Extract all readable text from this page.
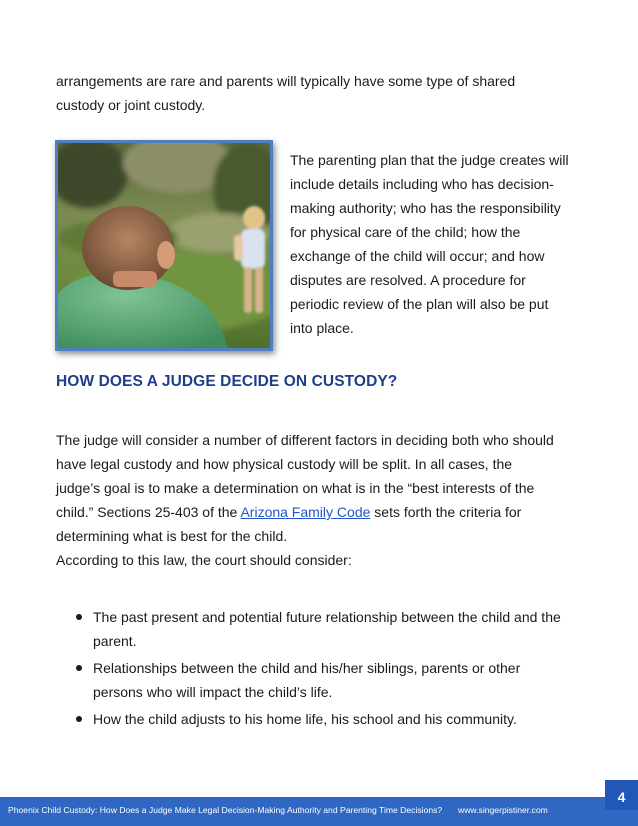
arrangements are rare and parents will typically have some type of shared
custody or joint custody.

The parenting plan that the judge creates will
include details including who has decision-
making authority; who has the responsibility
for physical care of the child; how the
exchange of the child will occur; and how
disputes are resolved. A procedure for
periodic review of the plan will also be put
into place.

HOW DOES A JUDGE DECIDE ON CUSTODY?

The judge will consider a number of different factors in deciding both who should
have legal custody and how physical custody will be split. In all cases, the
judge’s goal is to make a determination on what is in the “best interests of the
child.” Sections 25-403 of the Arizona Family Code sets forth the criteria for
determining what is best for the child.
According to this law, the court should consider:

The past present and potential future relationship between the child and the
parent.
Relationships between the child and his/her siblings, parents or other
persons who will impact the child’s life.
How the child adjusts to his home life, his school and his community.
Phoenix Child Custody: How Does a Judge Make Legal Decision-Making Authority and Parenting Time Decisions? www.singerpistiner.com
4
